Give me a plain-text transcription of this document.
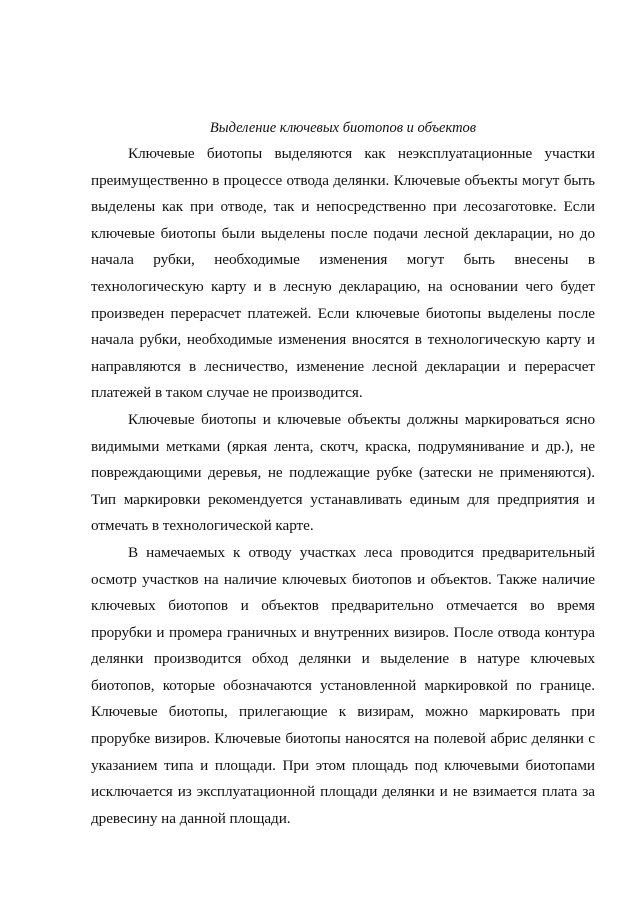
Выделение ключевых биотопов и объектов

Ключевые биотопы выделяются как неэксплуатационные участки преимущественно в процессе отвода делянки. Ключевые объекты могут быть выделены как при отводе, так и непосредственно при лесозаготовке. Если ключевые биотопы были выделены после подачи лесной декларации, но до начала рубки, необходимые изменения могут быть внесены в технологическую карту и в лесную декларацию, на основании чего будет произведен перерасчет платежей. Если ключевые биотопы выделены после начала рубки, необходимые изменения вносятся в технологическую карту и направляются в лесничество, изменение лесной декларации и перерасчет платежей в таком случае не производится.

Ключевые биотопы и ключевые объекты должны маркироваться ясно видимыми метками (яркая лента, скотч, краска, подрумянивание и др.), не повреждающими деревья, не подлежащие рубке (затески не применяются). Тип маркировки рекомендуется устанавливать единым для предприятия и отмечать в технологической карте.

В намечаемых к отводу участках леса проводится предварительный осмотр участков на наличие ключевых биотопов и объектов. Также наличие ключевых биотопов и объектов предварительно отмечается во время прорубки и промера граничных и внутренних визиров. После отвода контура делянки производится обход делянки и выделение в натуре ключевых биотопов, которые обозначаются установленной маркировкой по границе. Ключевые биотопы, прилегающие к визирам, можно маркировать при прорубке визиров. Ключевые биотопы наносятся на полевой абрис делянки с указанием типа и площади. При этом площадь под ключевыми биотопами исключается из эксплуатационной площади делянки и не взимается плата за древесину на данной площади.
